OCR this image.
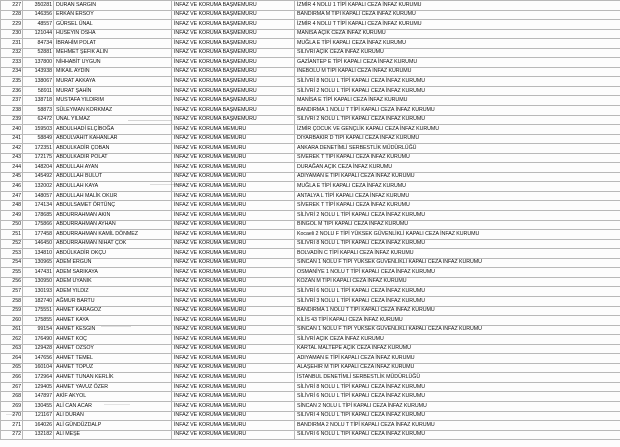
227	350281	DURAN SARGIN	İNFAZ VE KORUMA BAŞMEMURU	İZMİR 4 NOLU 1 TİPİ KAPALI CEZA İNFAZ KURUMU
228	146356	ERKAN ERSOY	İNFAZ VE KORUMA BAŞMEMURU	BANDIRMA M TİPİ KAPALI CEZA İNFAZ KURUMU
229	48557	GÜRSEL ÜNAL	İNFAZ VE KORUMA BAŞMEMURU	İZMİR 4 NOLU T TİPİ KAPALI CEZA İNFAZ KURUMU
230	121044	HÜSEYİN ÖSHA	İNFAZ VE KORUMA BAŞMEMURU	MANİSA AÇIK CEZA İNFAZ KURUMU
231	84734	İBRAHİM POLAT	İNFAZ VE KORUMA BAŞMEMURU	MUĞLA E TİPİ KAPALI CEZA İNFAZ KURUMU
232	52881	MEHMET ŞEFİK ALIN	İNFAZ VE KORUMA BAŞMEMURU	SİLİVRİ AÇIK CEZA İNFAZ KURUMU
233	137800	NİHHABİT UYGUN	İNFAZ VE KORUMA BAŞMEMURU	GAZİANTEP E TİPİ KAPALI CEZA İNFAZ KURUMU
234	143938	MİKAİL AYDIN	İNFAZ VE KORUMA BAŞMEMURU	İNEBOLU M TİPİ KAPALI CEZA İNFAZ KURUMU
235	138067	MURAT AKKAYA	İNFAZ VE KORUMA BAŞMEMURU	SİLİVRİ 8 NOLU L TİPİ KAPALI CEZA İNFAZ KURUMU
236	58911	MURAT ŞAHİN	İNFAZ VE KORUMA BAŞMEMURU	SİLİVRİ 2 NOLU L TİPİ KAPALI CEZA İNFAZ KURUMU
237	138718	MUSTAFA YILDIRIM	İNFAZ VE KORUMA BAŞMEMURU	MANİSA E TİPİ KAPALI CEZA İNFAZ KURUMU
238	58873	SÜLEYMAN KORKMAZ	İNFAZ VE KORUMA BAŞMEMURU	BANDIRMA 1 NOLU T TİPİ KAPALI CEZA İNFAZ KURUMU
239	62472	ÜNAL YILMAZ	İNFAZ VE KORUMA BAŞMEMURU	SİLİVRİ 2 NOLU L TİPİ KAPALI CEZA İNFAZ KURUMU
240	159503	ABDULHADİ ELÇİBOĞA	İNFAZ VE KORUMA MEMURU	İZMİR ÇOCUK VE GENÇLİK KAPALI CEZA İNFAZ KURUMU
241	58849	ABDULVAHİT KAHANLAR	İNFAZ VE KORUMA MEMURU	DİYARBAKIR D TİPİ KAPALI CEZA İNFAZ KURUMU
242	172351	ABDULKADİR ÇOBAN	İNFAZ VE KORUMA MEMURU	ANKARA DENETİMLİ SERBESTLİK MÜDÜRLÜĞÜ
243	172175	ABDULKADİR POLAT	İNFAZ VE KORUMA MEMURU	SİVEREK T TİPİ KAPALI CEZA İNFAZ KURUMU
244	148204	ABDULLAH AYAN	İNFAZ VE KORUMA MEMURU	DURAĞAN AÇIK CEZA İNFAZ KURUMU
245	145492	ABDULLAH BULUT	İNFAZ VE KORUMA MEMURU	ADIYAMAN E TİPİ KAPALI CEZA İNFAZ KURUMU
246	132002	ABDULLAH KAYA	İNFAZ VE KORUMA MEMURU	MUĞLA E TİPİ KAPALI CEZA İNFAZ KURUMU
247	148057	ABDULLAH MALİK OKUR	İNFAZ VE KORUMA MEMURU	ANTALYA L TİPİ KAPALI CEZA İNFAZ KURUMU
248	174134	ABDULSAMET ÖRTÜNÇ	İNFAZ VE KORUMA MEMURU	SİVEREK T TİPİ KAPALI CEZA İNFAZ KURUMU
249	178685	ABDURRAHMAN AKIN	İNFAZ VE KORUMA MEMURU	SİLİVRİ 2 NOLU L TİPİ KAPALI CEZA İNFAZ KURUMU
250	175866	ABDURRAHMAN AYHAN	İNFAZ VE KORUMA MEMURU	BİNGÖL M TİPİ KAPALI CEZA İNFAZ KURUMU
251	177458	ABDURRAHMAN KAMİL DÖNMEZ	İNFAZ VE KORUMA MEMURU	Kocaeli 2 NOLU F TİPİ YÜKSEK GÜVENLİKLİ KAPALI CEZA İNFAZ KURUMU
252	146450	ABDURRAHMAN NİHAT ÇOK	İNFAZ VE KORUMA MEMURU	SİLİVRİ 8 NOLU L TİPİ KAPALI CEZA İNFAZ KURUMU
253	134810	ABDÜLKADİR OKÇU	İNFAZ VE KORUMA MEMURU	BOLVADİN C TİPİ KAPALI CEZA İNFAZ KURUMU
254	130965	ADEM ERGÜN	İNFAZ VE KORUMA MEMURU	SİNCAN 1 NOLU F TİPİ YÜKSEK GÜVENLİKLİ KAPALI CEZA İNFAZ KURUMU
255	147431	ADEM SARIKAYA	İNFAZ VE KORUMA MEMURU	OSMANİYE 1 NOLU T TİPİ KAPALI CEZA İNFAZ KURUMU
256	130950	ADEM UYANIK	İNFAZ VE KORUMA MEMURU	KOZAN M TİPİ KAPALI CEZA İNFAZ KURUMU
257	130193	ADEM YILDIZ	İNFAZ VE KORUMA MEMURU	SİLİVRİ 6 NOLU L TİPİ KAPALI CEZA İNFAZ KURUMU
258	182740	AĞMUR BARTU	İNFAZ VE KORUMA MEMURU	SİLİVRİ 3 NOLU L TİPİ KAPALI CEZA İNFAZ KURUMU
259	175551	AHMET KARAGÖZ	İNFAZ VE KORUMA MEMURU	BANDIRMA 1 NOLU T TİPİ KAPALI CEZA İNFAZ KURUMU
260	175855	AHMET KAYA	İNFAZ VE KORUMA MEMURU	KİLİS 43 TİPİ KAPALI CEZA İNFAZ KURUMU
261	99154	AHMET KESGİN	İNFAZ VE KORUMA MEMURU	SİNCAN 1 NOLU F TİPİ YÜKSEK GÜVENLİKLİ KAPALI CEZA İNFAZ KURUMU
262	176490	AHMET KOÇ	İNFAZ VE KORUMA MEMURU	SİLİVRİ AÇIK CEZA İNFAZ KURUMU
263	129428	AHMET ÖZSOY	İNFAZ VE KORUMA MEMURU	KARTAL MALTEPE AÇIK CEZA İNFAZ KURUMU
264	147656	AHMET TEMEL	İNFAZ VE KORUMA MEMURU	ADIYAMAN E TİPİ KAPALI CEZA İNFAZ KURUMU
265	160104	AHMET TOPUZ	İNFAZ VE KORUMA MEMURU	ALAŞEHİR M TİPİ KAPALI CEZA İNFAZ KURUMU
266	172964	AHMET TUNAN KERLİK	İNFAZ VE KORUMA MEMURU	İSTANBUL DENETİMLİ SERBESTLİK MÜDÜRLÜĞÜ
267	129405	AHMET YAVUZ ÖZER	İNFAZ VE KORUMA MEMURU	SİLİVRİ 8 NOLU L TİPİ KAPALI CEZA İNFAZ KURUMU
268	147897	AKİF AKYOL	İNFAZ VE KORUMA MEMURU	SİLİVRİ 6 NOLU L TİPİ KAPALI CEZA İNFAZ KURUMU
269	130455	ALİ CAN ACAR	İNFAZ VE KORUMA MEMURU	SİNCAN 2 NOLU L TİPİ KAPALI CEZA İNFAZ KURUMU
270	121167	ALİ DURAN	İNFAZ VE KORUMA MEMURU	SİLİVRİ 4 NOLU L TİPİ KAPALI CEZA İNFAZ KURUMU
271	164026	ALİ GÜNDÜZDALP	İNFAZ VE KORUMA MEMURU	BANDIRMA 2 NOLU T TİPİ KAPALI CEZA İNFAZ KURUMU
272	132182	ALİ MEŞE	İNFAZ VE KORUMA MEMURU	SİLİVRİ 6 NOLU L TİPİ KAPALI CEZA İNFAZ KURUMU
